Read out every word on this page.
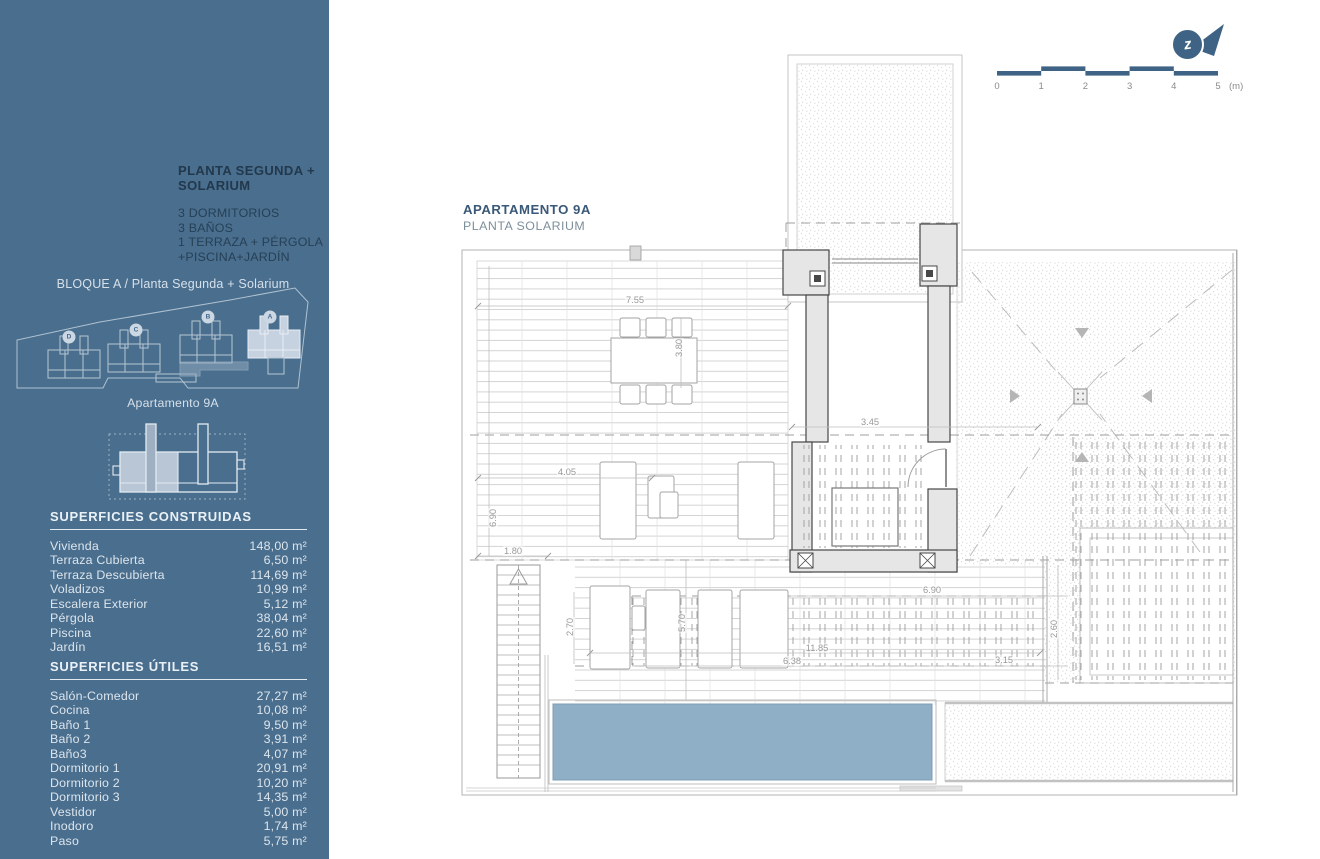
PLANTA SEGUNDA +
SOLARIUM
3 DORMITORIOS
3 BAÑOS
1 TERRAZA + PÉRGOLA
+PISCINA+JARDÍN
BLOQUE A / Planta Segunda + Solarium
D
C
B	A
Apartamento 9A
SUPERFICIES CONSTRUIDAS
Vivienda	148,00 m²
Terraza Cubierta	6,50 m²
Terraza Descubierta	114,69 m²
Voladizos	10,99 m²
Escalera Exterior	5,12 m²
Pérgola	38,04 m²
Piscina	22,60 m²
Jardín	16,51 m²
SUPERFICIES ÚTILES
Salón-Comedor	27,27 m²
Cocina	10,08 m²
Baño 1	9,50 m²
Baño 2	3,91 m²
Baño3	4,07 m²
Dormitorio 1	20,91 m²
Dormitorio 2	10,20 m²
Dormitorio 3	14,35 m²
Vestidor	5,00 m²
Inodoro	1,74 m²
Paso	5,75 m²
z
0	1	2	3	4	5 (m)
APARTAMENTO 9A
PLANTA SOLARIUM
7.55
3.80
6.90
3.45
4.05
1.80
5.70
2.70
11.85
6.38
6.90
2.60
3.15
